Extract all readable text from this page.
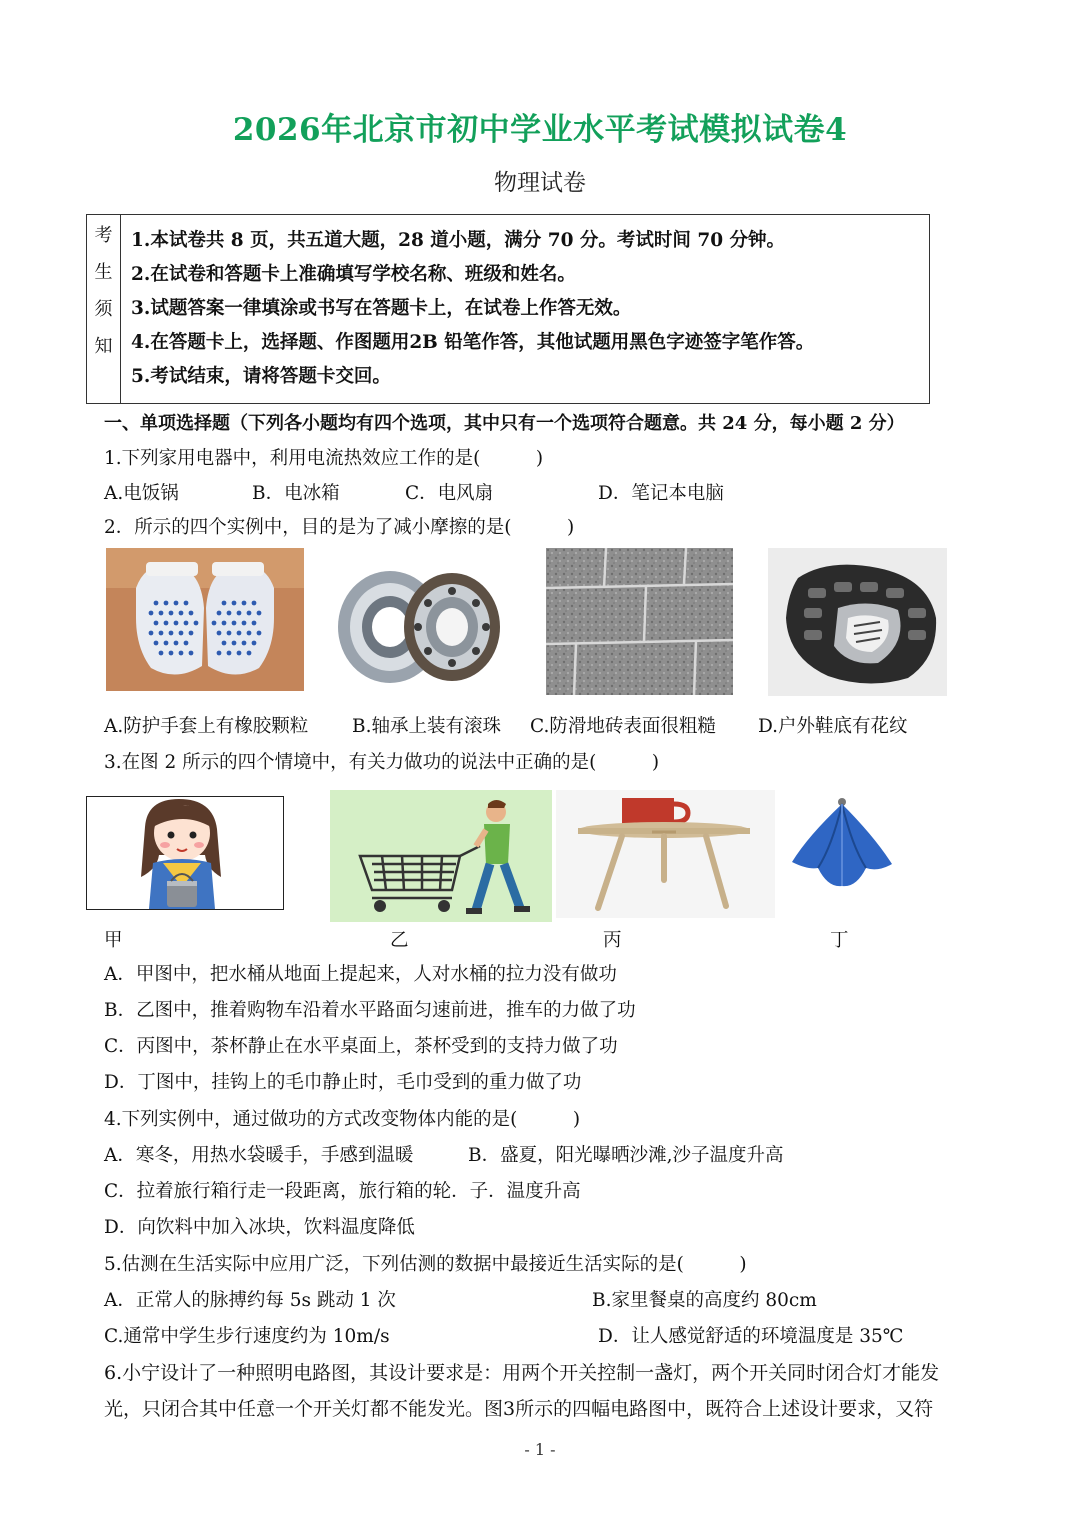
2026年北京市初中学业水平考试模拟试卷4
物理试卷
考
生
须
知
1.本试卷共 8 页，共五道大题，28 道小题，满分 70 分。考试时间 70 分钟。
2.在试卷和答题卡上准确填写学校名称、班级和姓名。
3.试题答案一律填涂或书写在答题卡上，在试卷上作答无效。
4.在答题卡上，选择题、作图题用2B 铅笔作答，其他试题用黑色字迹签字笔作答。
5.考试结束，请将答题卡交回。
一、单项选择题（下列各小题均有四个选项，其中只有一个选项符合题意。共 24 分，每小题 2 分）
1.下列家用电器中，利用电流热效应工作的是(　　　)
A.电饭锅	B．电冰箱	C．电风扇	D．笔记本电脑
2．所示的四个实例中，目的是为了减小摩擦的是(　　　)
A.防护手套上有橡胶颗粒 B.轴承上装有滚珠 C.防滑地砖表面很粗糙 D.户外鞋底有花纹
3.在图 2 所示的四个情境中，有关力做功的说法中正确的是(　　　)
甲	乙	丙	丁
A．甲图中，把水桶从地面上提起来，人对水桶的拉力没有做功
B．乙图中，推着购物车沿着水平路面匀速前进，推车的力做了功
C．丙图中，茶杯静止在水平桌面上，茶杯受到的支持力做了功
D．丁图中，挂钩上的毛巾静止时，毛巾受到的重力做了功
4.下列实例中，通过做功的方式改变物体内能的是(　　　)
A．寒冬，用热水袋暖手，手感到温暖	B．盛夏，阳光曝晒沙滩,沙子温度升高
C．拉着旅行箱行走一段距离，旅行箱的轮．子．温度升高
D．向饮料中加入冰块，饮料温度降低
5.估测在生活实际中应用广泛，下列估测的数据中最接近生活实际的是(　　　)
A．正常人的脉搏约每 5s 跳动 1 次	B.家里餐桌的高度约 80cm
C.通常中学生步行速度约为 10m/s	D．让人感觉舒适的环境温度是 35℃
6.小宁设计了一种照明电路图，其设计要求是：用两个开关控制一盏灯，两个开关同时闭合灯才能发
光，只闭合其中任意一个开关灯都不能发光。图3所示的四幅电路图中，既符合上述设计要求，又符
- 1 -
